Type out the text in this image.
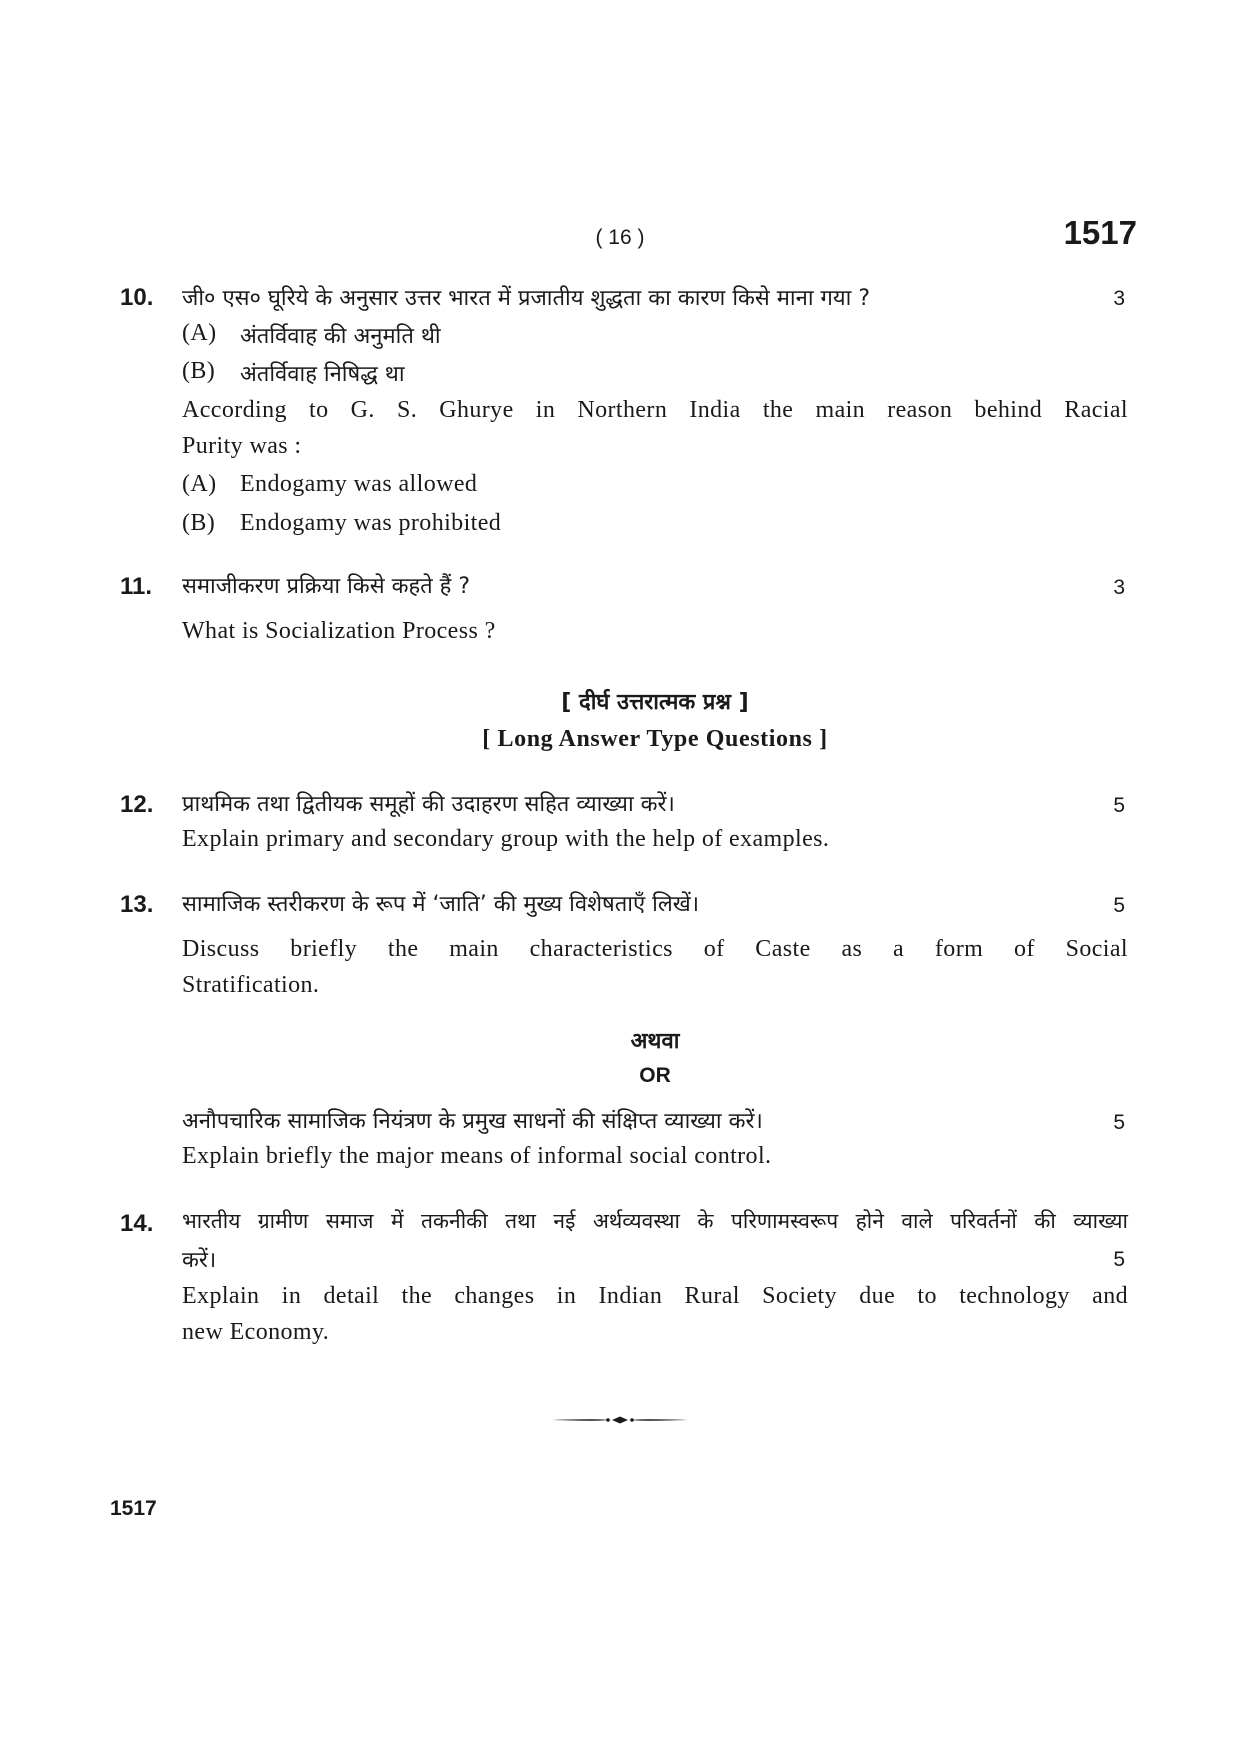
( 16 )	1517
10. जी० एस० घूरिये के अनुसार उत्तर भारत में प्रजातीय शुद्धता का कारण किसे माना गया ?	3
(A) अंतर्विवाह की अनुमति थी
(B) अंतर्विवाह निषिद्ध था
According to G. S. Ghurye in Northern India the main reason behind Racial
Purity was :
(A) Endogamy was allowed
(B) Endogamy was prohibited
11. समाजीकरण प्रक्रिया किसे कहते हैं ?	3
What is Socialization Process ?
[ दीर्घ उत्तरात्मक प्रश्न ]
[ Long Answer Type Questions ]
12. प्राथमिक तथा द्वितीयक समूहों की उदाहरण सहित व्याख्या करें।	5
Explain primary and secondary group with the help of examples.
13. सामाजिक स्तरीकरण के रूप में ‘जाति’ की मुख्य विशेषताएँ लिखें।	5
Discuss briefly the main characteristics of Caste as a form of Social
Stratification.
अथवा
OR
अनौपचारिक सामाजिक नियंत्रण के प्रमुख साधनों की संक्षिप्त व्याख्या करें।	5
Explain briefly the major means of informal social control.
14. भारतीय ग्रामीण समाज में तकनीकी तथा नई अर्थव्यवस्था के परिणामस्वरूप होने वाले परिवर्तनों की व्याख्या
करें।	5
Explain in detail the changes in Indian Rural Society due to technology and
new Economy.
1517
